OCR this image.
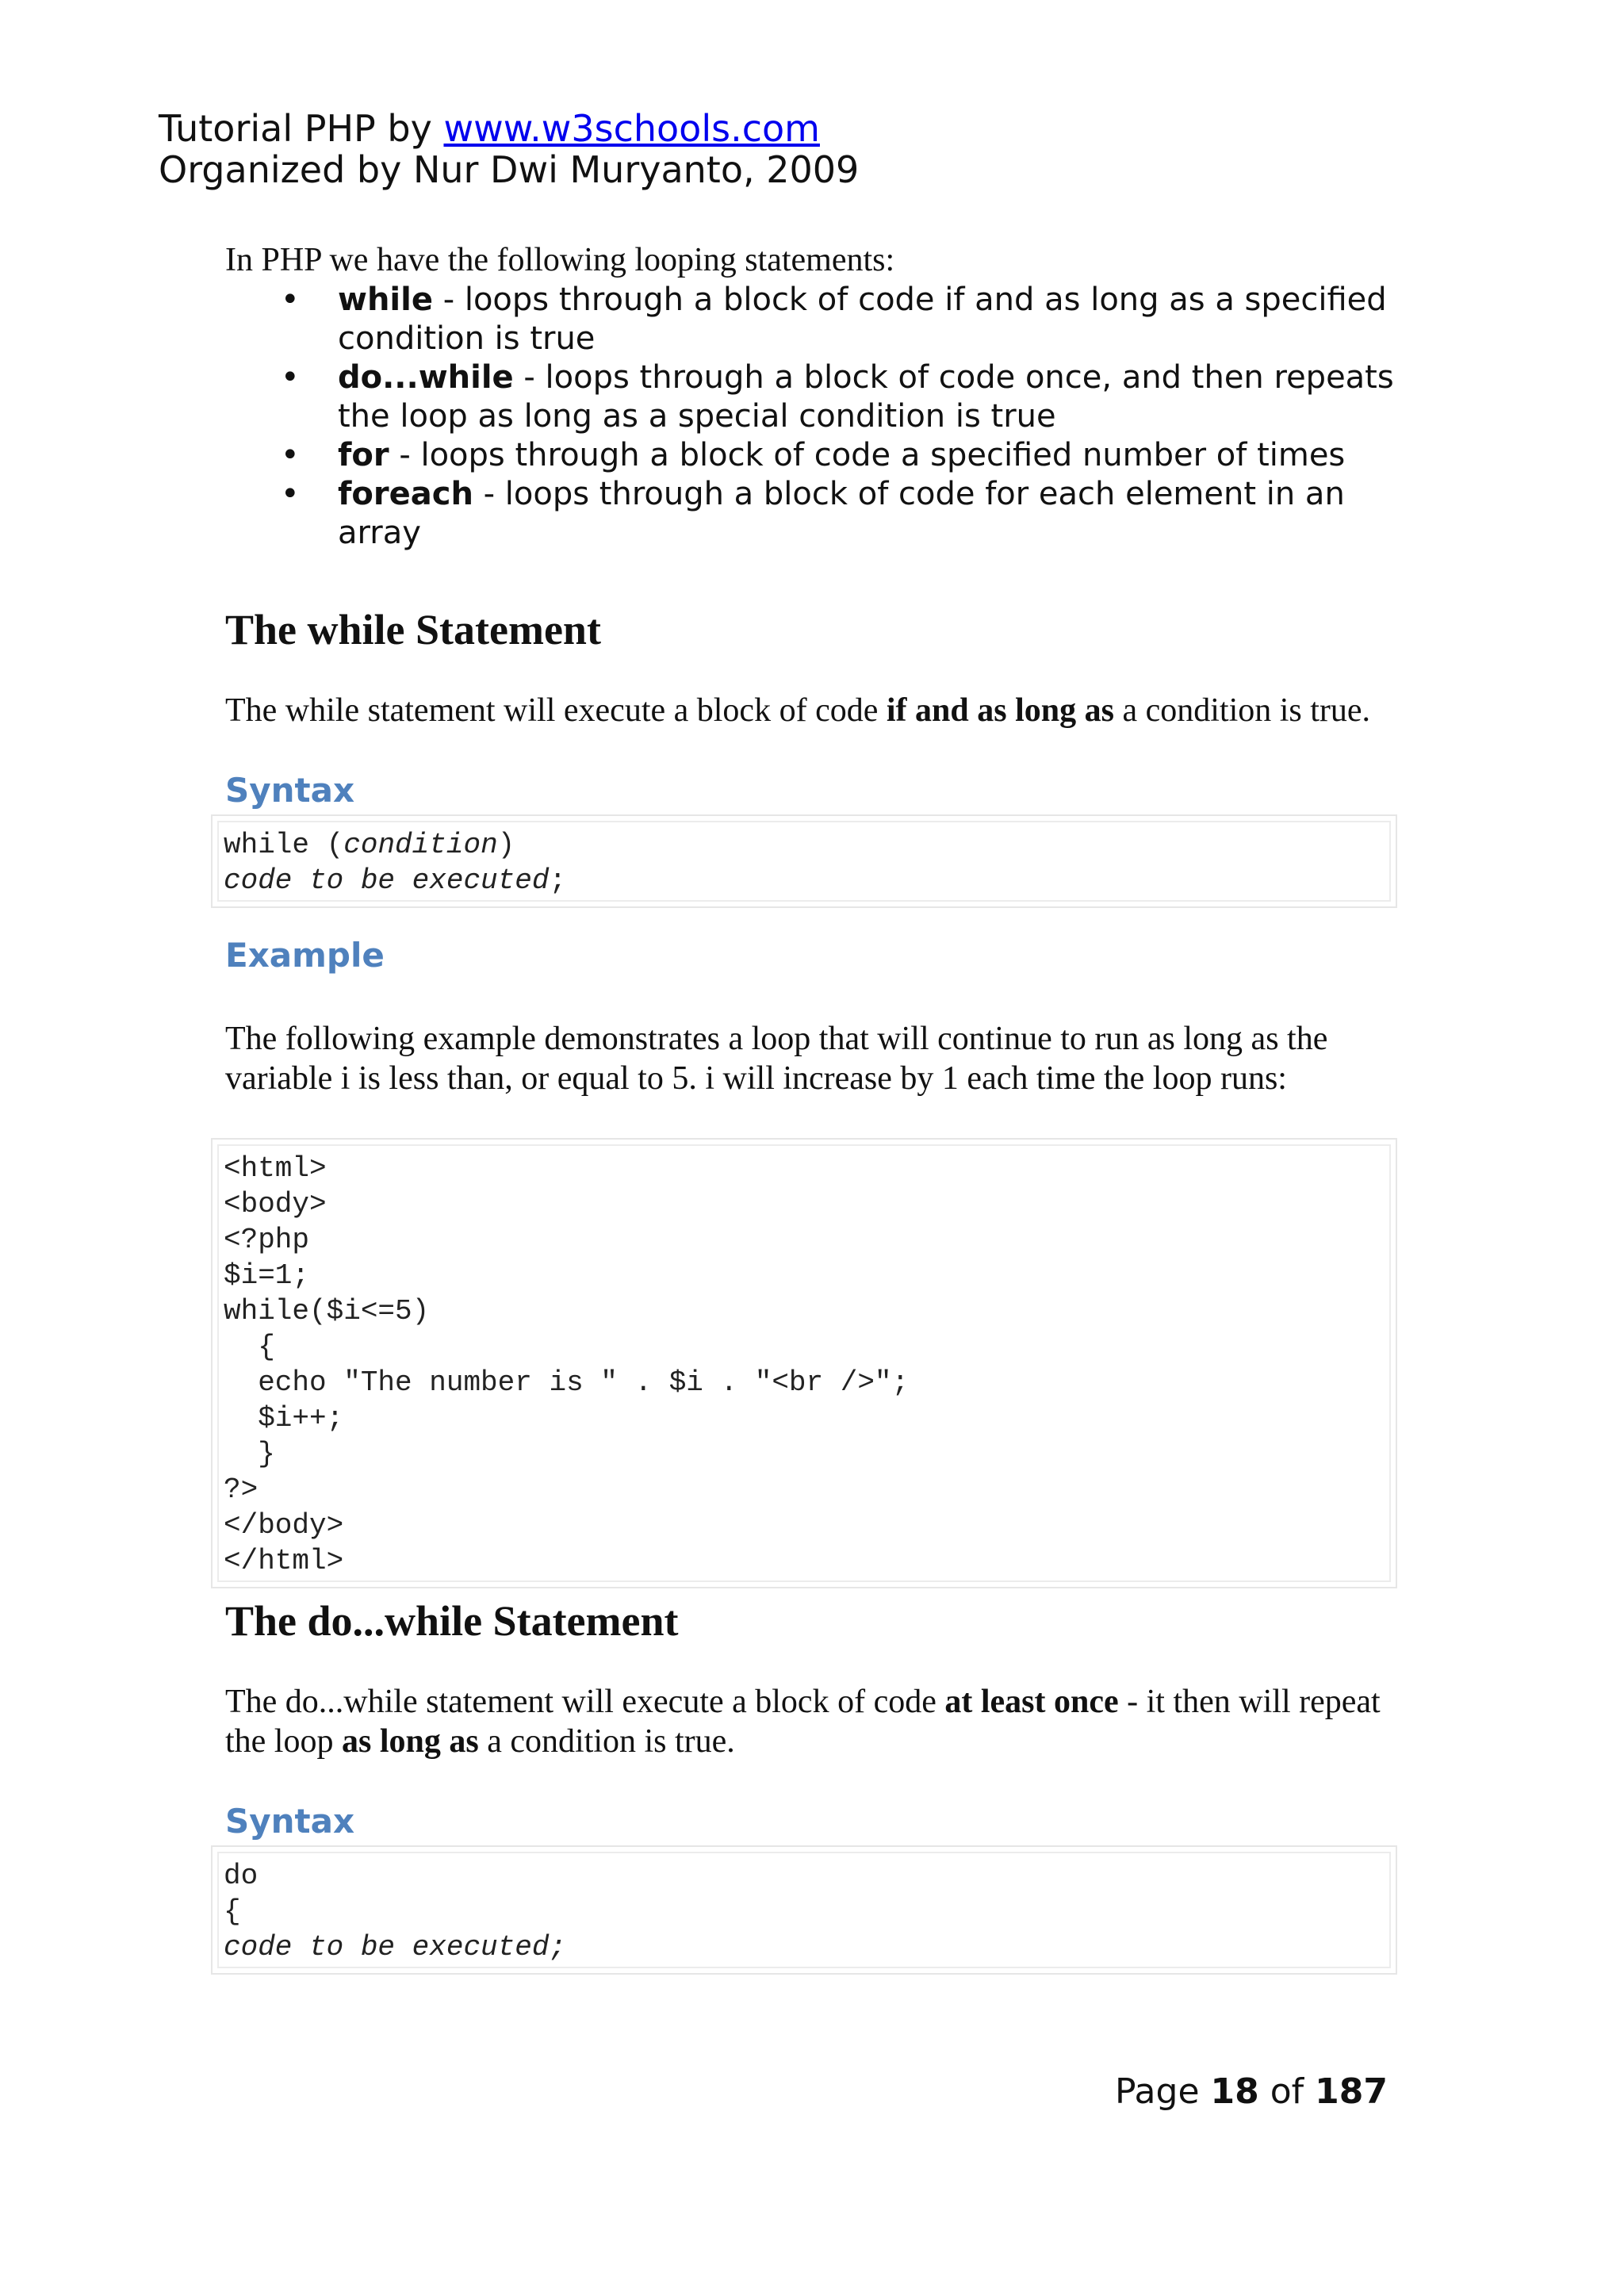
Tutorial PHP by www.w3schools.com
Organized by Nur Dwi Muryanto, 2009

In PHP we have the following looping statements:

• while - loops through a block of code if and as long as a specified condition is true
• do...while - loops through a block of code once, and then repeats the loop as long as a special condition is true
• for - loops through a block of code a specified number of times
• foreach - loops through a block of code for each element in an array
The while Statement

The while statement will execute a block of code if and as long as a condition is true.

Syntax
while (condition)
code to be executed;
Example

The following example demonstrates a loop that will continue to run as long as the variable i is less than, or equal to 5. i will increase by 1 each time the loop runs:

<html>
<body>
<?php
$i=1;
while($i<=5)
{
echo "The number is " . $i . "<br />";
$i++;
}
?>
</body>
</html>
The do...while Statement

The do...while statement will execute a block of code at least once - it then will repeat the loop as long as a condition is true.

Syntax
do
{
code to be executed;
Page 18 of 187
